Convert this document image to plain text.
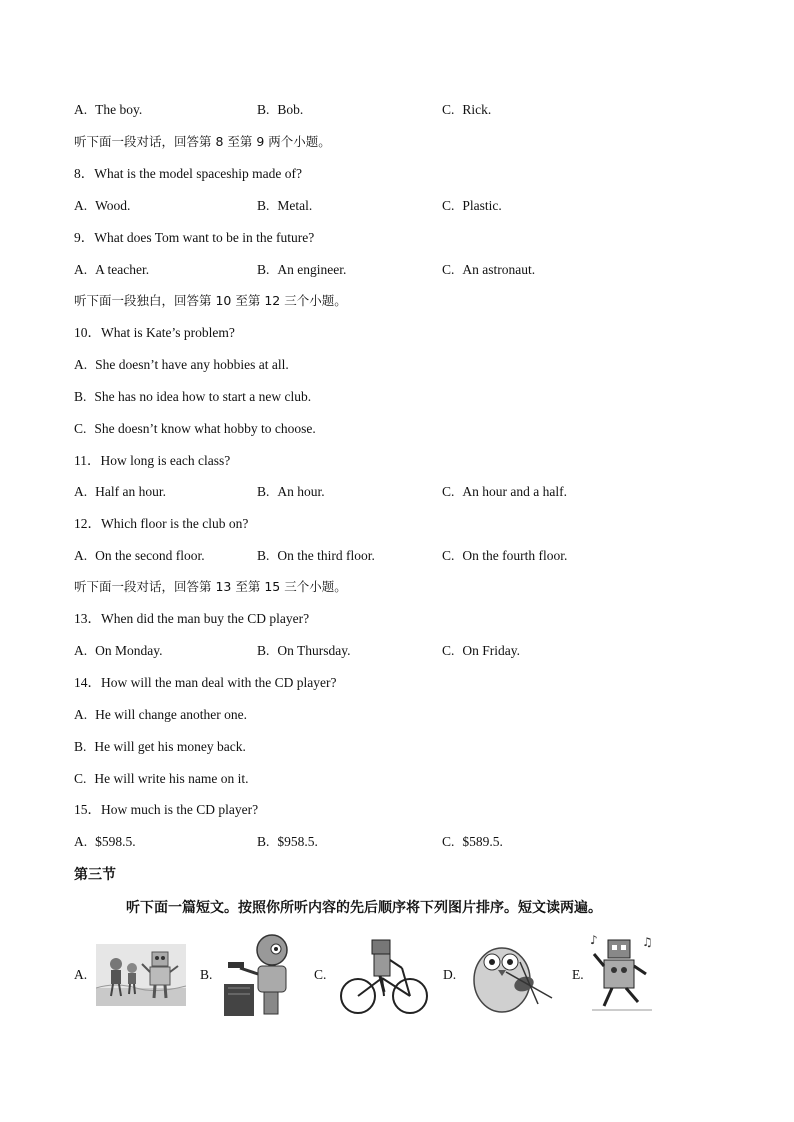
A. The boy.	B. Bob.	C. Rick.
听下面一段对话，回答第 8 至第 9 两个小题。
8．What is the model spaceship made of?
A. Wood.	B. Metal.	C. Plastic.
9．What does Tom want to be in the future?
A. A teacher.	B. An engineer.	C. An astronaut.
听下面一段独白，回答第 10 至第 12 三个小题。
10．What is Kate’s problem?
A. She doesn’t have any hobbies at all.
B. She has no idea how to start a new club.
C. She doesn’t know what hobby to choose.
11．How long is each class?
A. Half an hour.	B. An hour.	C. An hour and a half.
12．Which floor is the club on?
A. On the second floor.	B. On the third floor.	C. On the fourth floor.
听下面一段对话，回答第 13 至第 15 三个小题。
13．When did the man buy the CD player?
A. On Monday.	B. On Thursday.	C. On Friday.
14．How will the man deal with the CD player?
A. He will change another one.
B. He will get his money back.
C. He will write his name on it.
15．How much is the CD player?
A. $598.5.	B. $958.5.	C. $589.5.
第三节
听下面一篇短文。按照你所听内容的先后顺序将下列图片排序。短文读两遍。
A.	B.	C.	D.	E.
♪	♫
